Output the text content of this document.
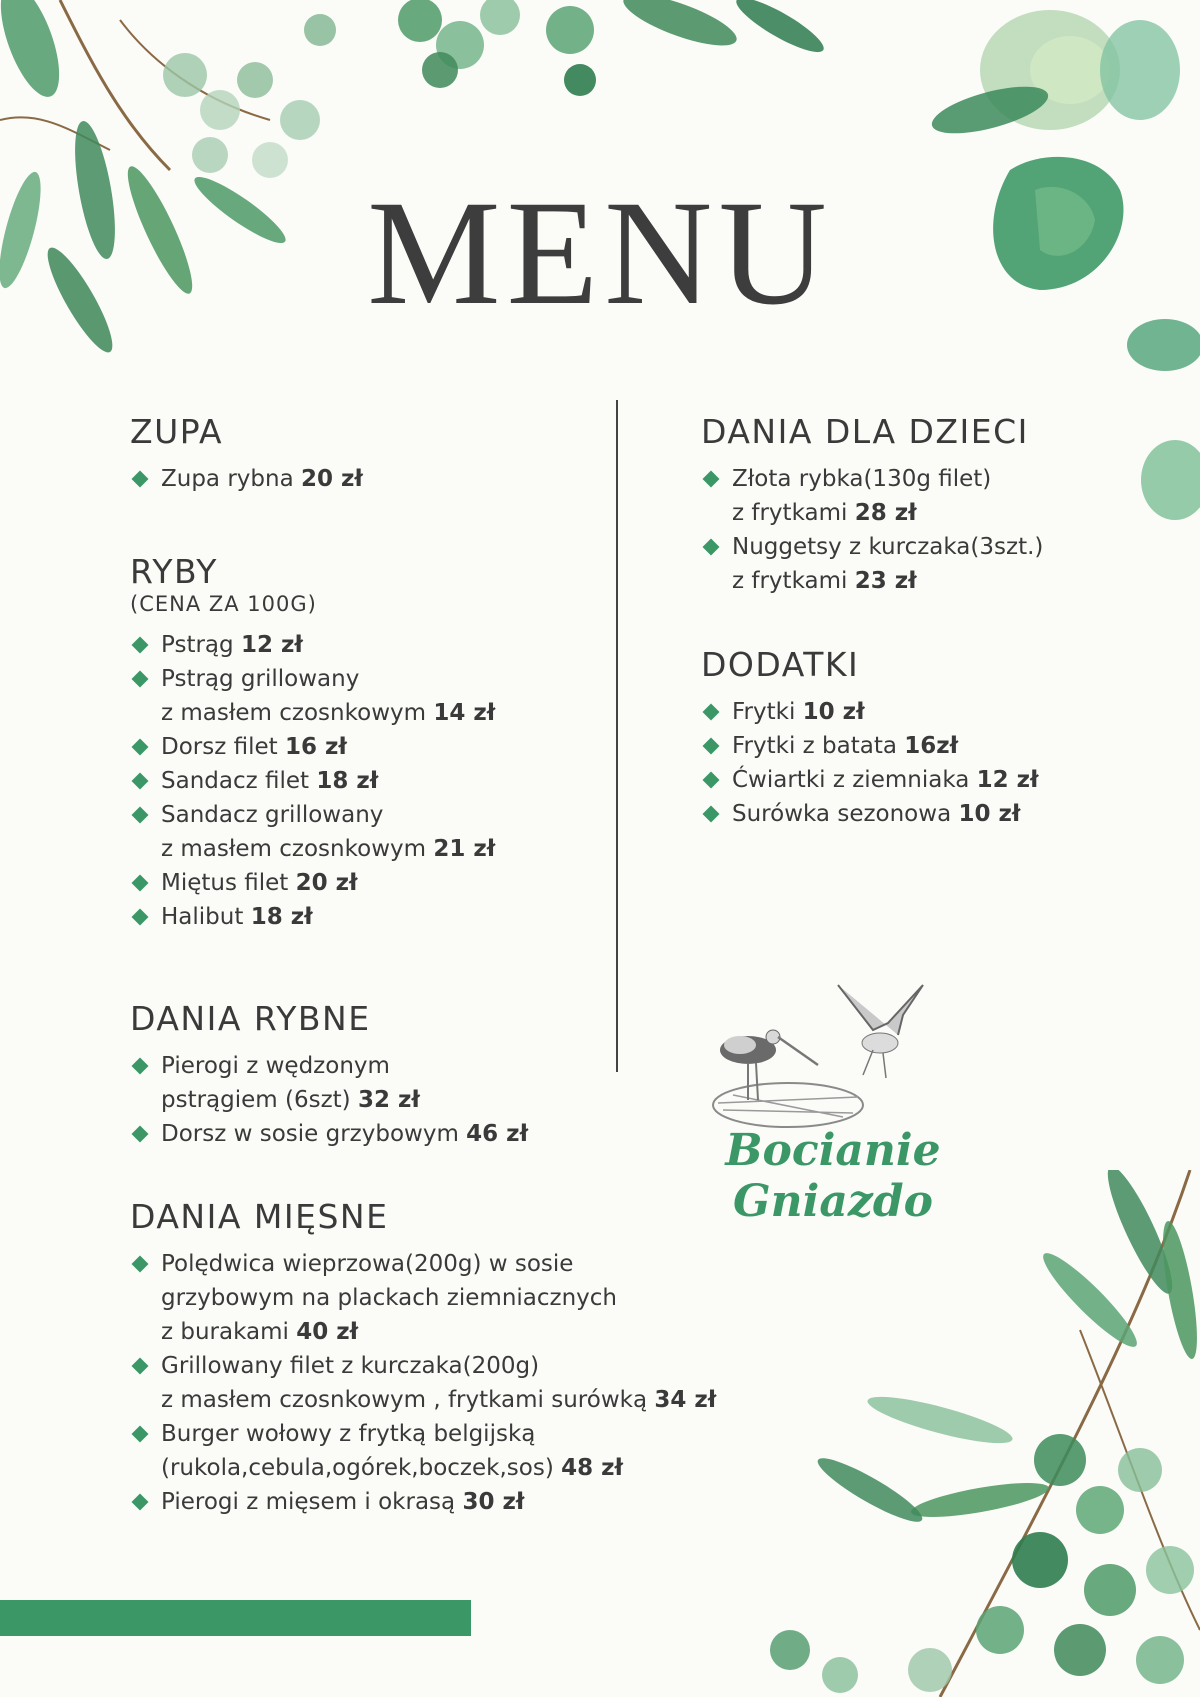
MENU
ZUPA
Zupa rybna 20 zł
RYBY
(CENA ZA 100G)
Pstrąg 12 zł
Pstrąg grillowany
z masłem czosnkowym 14 zł
Dorsz filet 16 zł
Sandacz filet 18 zł
Sandacz grillowany
z masłem czosnkowym 21 zł
Miętus filet 20 zł
Halibut 18 zł
DANIA RYBNE
Pierogi z wędzonym
pstrągiem (6szt) 32 zł
Dorsz w sosie grzybowym 46 zł
DANIA MIĘSNE
Polędwica wieprzowa(200g) w sosie
grzybowym na plackach ziemniacznych
z burakami 40 zł
Grillowany filet z kurczaka(200g)
z masłem czosnkowym , frytkami surówką 34 zł
Burger wołowy z frytką belgijską
(rukola,cebula,ogórek,boczek,sos) 48 zł
Pierogi z mięsem i okrasą 30 zł
DANIA DLA DZIECI
Złota rybka(130g filet)
z frytkami 28 zł
Nuggetsy z kurczaka(3szt.)
z frytkami 23 zł
DODATKI
Frytki 10 zł
Frytki z batata 16zł
Ćwiartki z ziemniaka 12 zł
Surówka sezonowa 10 zł
Bocianie Gniazdo
